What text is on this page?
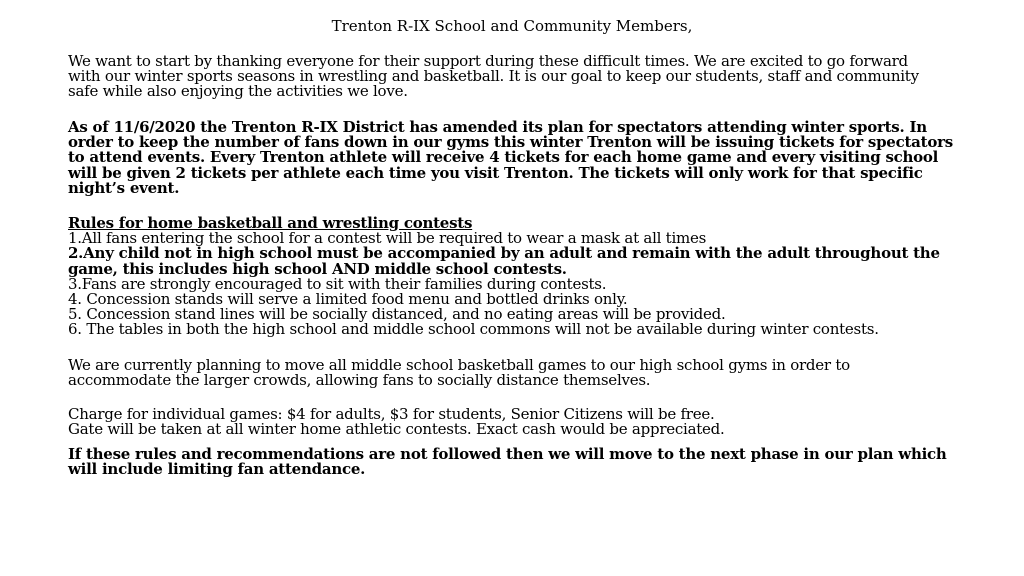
Trenton R-IX School and Community Members,
We want to start by thanking everyone for their support during these difficult times. We are excited to go forward
with our winter sports seasons in wrestling and basketball. It is our goal to keep our students, staff and community
safe while also enjoying the activities we love.
As of 11/6/2020 the Trenton R-IX District has amended its plan for spectators attending winter sports. In
order to keep the number of fans down in our gyms this winter Trenton will be issuing tickets for spectators
to attend events. Every Trenton athlete will receive 4 tickets for each home game and every visiting school
will be given 2 tickets per athlete each time you visit Trenton. The tickets will only work for that specific
night’s event.
Rules for home basketball and wrestling contests
1.All fans entering the school for a contest will be required to wear a mask at all times
2.Any child not in high school must be accompanied by an adult and remain with the adult throughout the
game, this includes high school AND middle school contests.
3.Fans are strongly encouraged to sit with their families during contests.
4. Concession stands will serve a limited food menu and bottled drinks only.
5. Concession stand lines will be socially distanced, and no eating areas will be provided.
6. The tables in both the high school and middle school commons will not be available during winter contests.
We are currently planning to move all middle school basketball games to our high school gyms in order to
accommodate the larger crowds, allowing fans to socially distance themselves.
Charge for individual games: $4 for adults, $3 for students, Senior Citizens will be free.
Gate will be taken at all winter home athletic contests. Exact cash would be appreciated.
If these rules and recommendations are not followed then we will move to the next phase in our plan which
will include limiting fan attendance.
